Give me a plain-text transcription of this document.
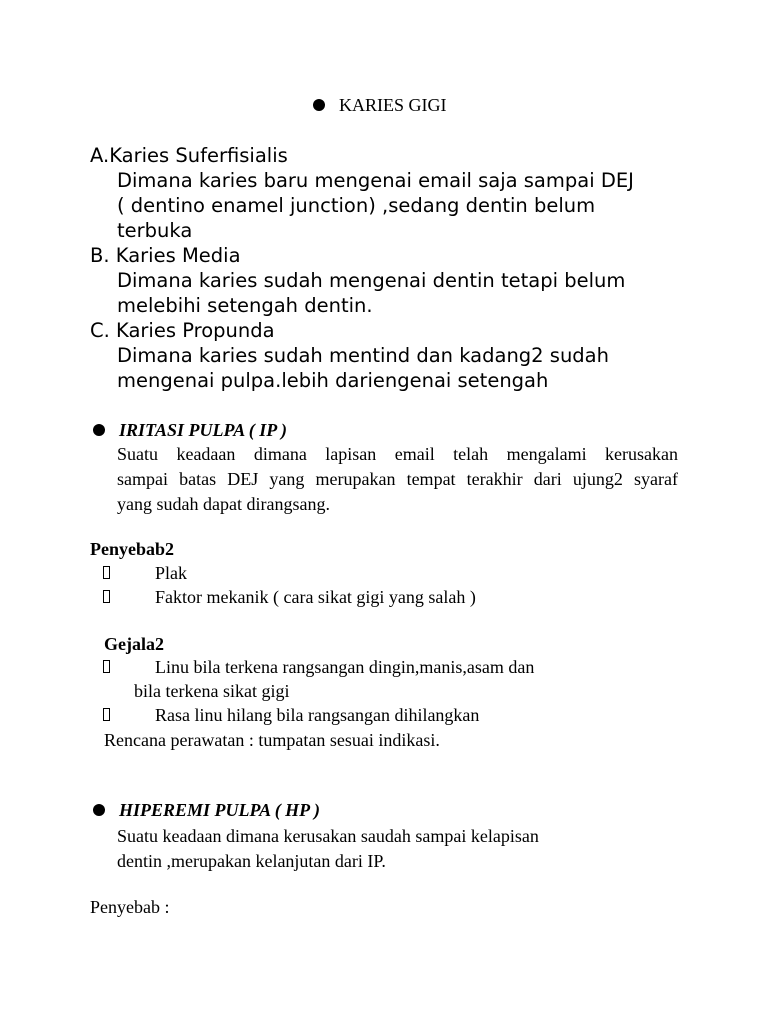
KARIES GIGI
A.Karies Suferfisialis
Dimana karies baru mengenai email saja sampai DEJ
( dentino enamel junction) ,sedang dentin belum
terbuka
B. Karies Media
Dimana karies sudah mengenai dentin tetapi belum
melebihi setengah dentin.
C. Karies Propunda
Dimana karies sudah mentind dan kadang2 sudah
mengenai pulpa.lebih dariengenai setengah
IRITASI PULPA ( IP )
Suatu keadaan dimana lapisan email telah mengalami kerusakan
sampai batas DEJ yang merupakan tempat terakhir dari ujung2 syaraf
yang sudah dapat dirangsang.
Penyebab2
Plak
Faktor mekanik ( cara sikat gigi yang salah )
Gejala2
Linu bila terkena rangsangan dingin,manis,asam dan
bila terkena sikat gigi
Rasa linu hilang bila rangsangan dihilangkan
Rencana perawatan : tumpatan sesuai indikasi.
HIPEREMI PULPA ( HP )
Suatu keadaan dimana kerusakan saudah sampai kelapisan
dentin ,merupakan kelanjutan dari IP.
Penyebab :
